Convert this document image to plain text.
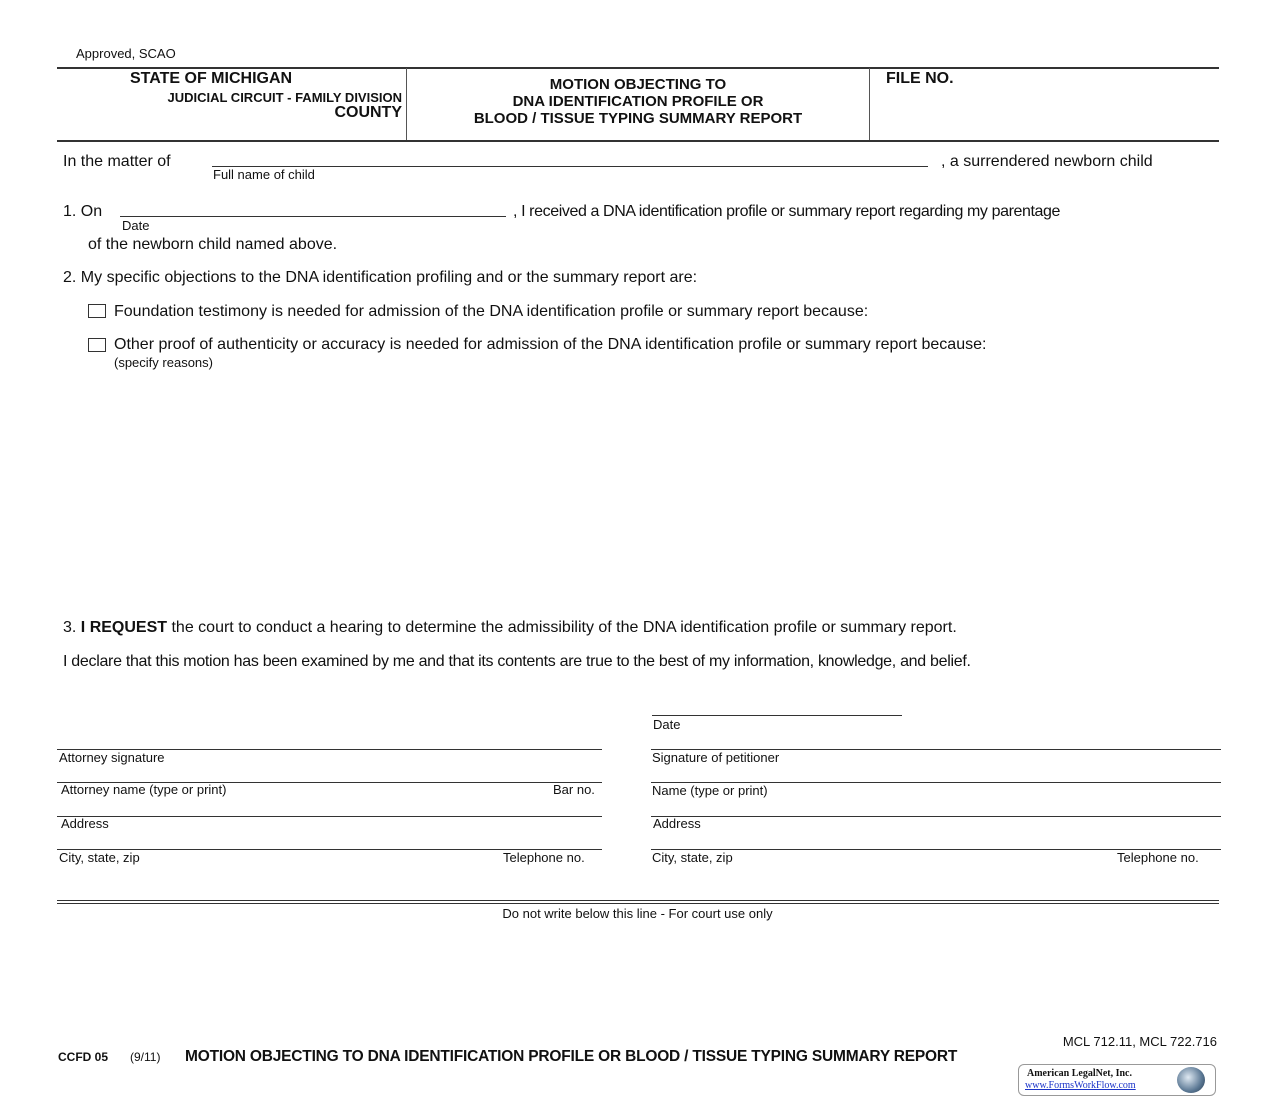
Approved, SCAO
STATE OF MICHIGAN
JUDICIAL CIRCUIT - FAMILY DIVISION
COUNTY
MOTION OBJECTING TO
DNA IDENTIFICATION PROFILE OR
BLOOD / TISSUE TYPING SUMMARY REPORT
FILE NO.
In the matter of
Full name of child
, a surrendered newborn child
1. On
Date
, I received a DNA identification profile or summary report regarding my parentage
of the newborn child named above.
2. My specific objections to the DNA identification profiling and or the summary report are:
Foundation testimony is needed for admission of the DNA identification profile or summary report because:
Other proof of authenticity or accuracy is needed for admission of the DNA identification profile or summary report because:
(specify reasons)
3. I REQUEST the court to conduct a hearing to determine the admissibility of the DNA identification profile or summary report.
I declare that this motion has been examined by me and that its contents are true to the best of my information, knowledge, and belief.
Date
Attorney signature
Attorney name (type or print)	Bar no.
Address
City, state, zip	Telephone no.
Signature of petitioner
Name (type or print)
Address
City, state, zip	Telephone no.
Do not write below this line - For court use only
MCL 712.11, MCL 722.716
CCFD 05 (9/11) MOTION OBJECTING TO DNA IDENTIFICATION PROFILE OR BLOOD / TISSUE TYPING SUMMARY REPORT
American LegalNet, Inc.
www.FormsWorkFlow.com
